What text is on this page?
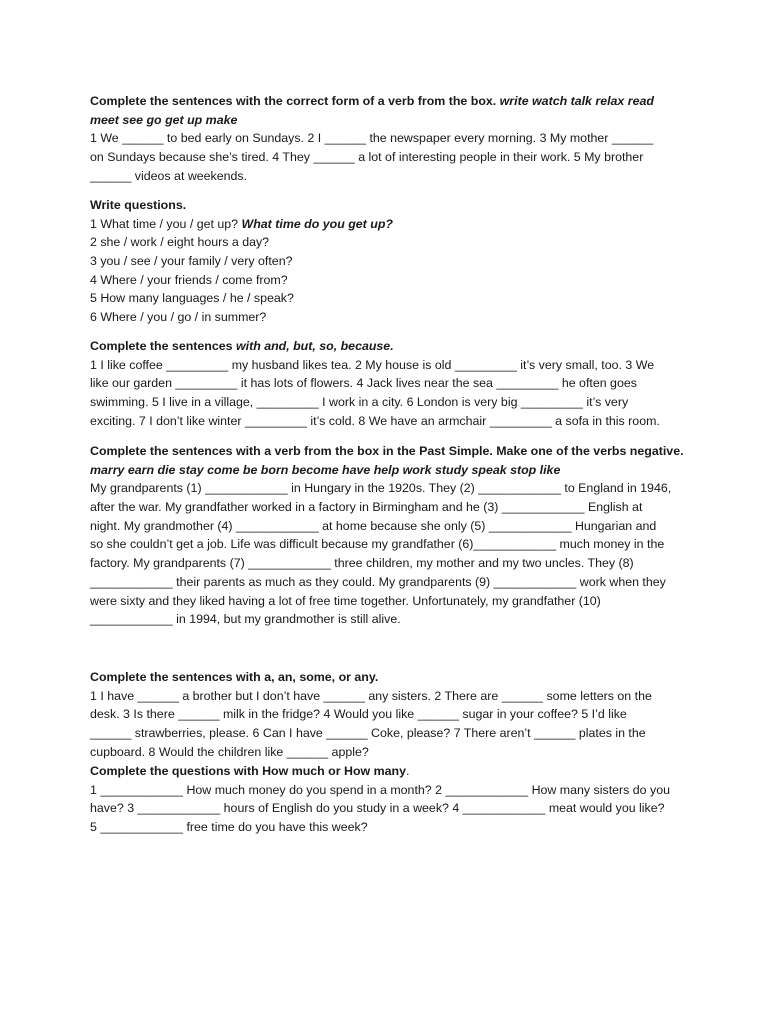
Complete the sentences with the correct form of a verb from the box. write watch talk relax read
meet see go get up make
1 We ______ to bed early on Sundays. 2 I ______ the newspaper every morning. 3 My mother ______
on Sundays because she’s tired. 4 They ______ a lot of interesting people in their work. 5 My brother
______ videos at weekends.
Write questions.
1 What time / you / get up? What time do you get up?
2 she / work / eight hours a day?
3 you / see / your family / very often?
4 Where / your friends / come from?
5 How many languages / he / speak?
6 Where / you / go / in summer?
Complete the sentences with and, but, so, because.
1 I like coffee _________ my husband likes tea. 2 My house is old _________ it’s very small, too. 3 We
like our garden _________ it has lots of flowers. 4 Jack lives near the sea _________ he often goes
swimming. 5 I live in a village, _________ I work in a city. 6 London is very big _________ it’s very
exciting. 7 I don’t like winter _________ it’s cold. 8 We have an armchair _________ a sofa in this room.
Complete the sentences with a verb from the box in the Past Simple. Make one of the verbs negative.
marry earn die stay come be born become have help work study speak stop like
My grandparents (1) ____________ in Hungary in the 1920s. They (2) ____________ to England in 1946,
after the war. My grandfather worked in a factory in Birmingham and he (3) ____________ English at
night. My grandmother (4) ____________ at home because she only (5) ____________ Hungarian and
so she couldn’t get a job. Life was difficult because my grandfather (6)____________ much money in the
factory. My grandparents (7) ____________ three children, my mother and my two uncles. They (8)
____________ their parents as much as they could. My grandparents (9) ____________ work when they
were sixty and they liked having a lot of free time together. Unfortunately, my grandfather (10)
____________ in 1994, but my grandmother is still alive.
Complete the sentences with a, an, some, or any.
1 I have ______ a brother but I don’t have ______ any sisters. 2 There are ______ some letters on the
desk. 3 Is there ______ milk in the fridge? 4 Would you like ______ sugar in your coffee? 5 I’d like
______ strawberries, please. 6 Can I have ______ Coke, please? 7 There aren’t ______ plates in the
cupboard. 8 Would the children like ______ apple?
Complete the questions with How much or How many.
1 ____________ How much money do you spend in a month? 2 ____________ How many sisters do you
have? 3 ____________ hours of English do you study in a week? 4 ____________ meat would you like?
5 ____________ free time do you have this week?
